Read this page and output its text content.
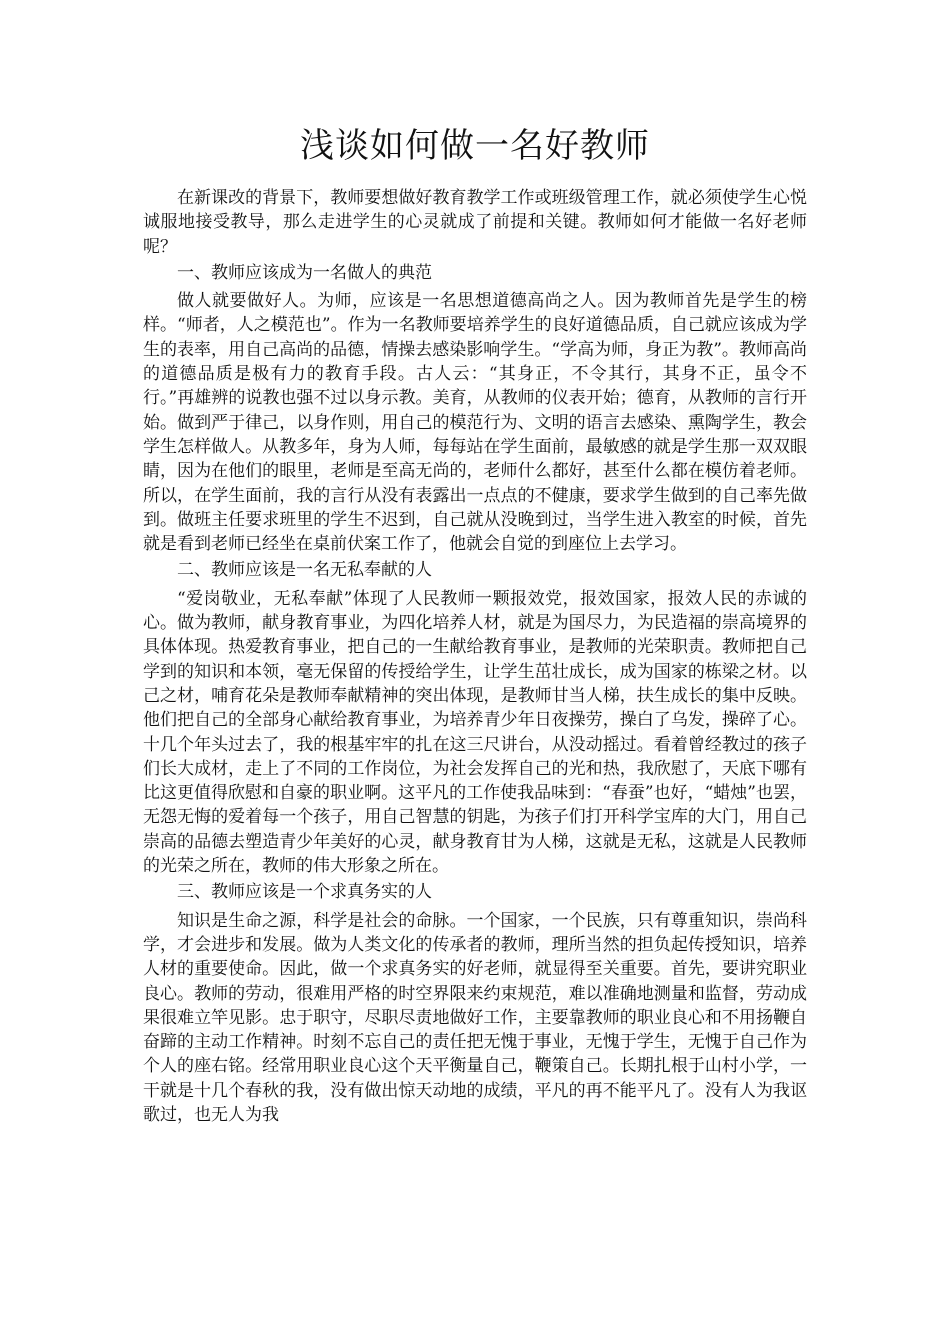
浅谈如何做一名好教师

在新课改的背景下，教师要想做好教育教学工作或班级管理工作，就必须使学生心悦诚服地接受教导，那么走进学生的心灵就成了前提和关键。教师如何才能做一名好老师呢？

一、教师应该成为一名做人的典范

做人就要做好人。为师，应该是一名思想道德高尚之人。因为教师首先是学生的榜样。“师者，人之模范也”。作为一名教师要培养学生的良好道德品质，自己就应该成为学生的表率，用自己高尚的品德，情操去感染影响学生。“学高为师，身正为教”。教师高尚的道德品质是极有力的教育手段。古人云：“其身正，不令其行，其身不正，虽令不行。”再雄辨的说教也强不过以身示教。美育，从教师的仪表开始；德育，从教师的言行开始。做到严于律己，以身作则，用自己的模范行为、文明的语言去感染、熏陶学生，教会学生怎样做人。从教多年，身为人师，每每站在学生面前，最敏感的就是学生那一双双眼睛，因为在他们的眼里，老师是至高无尚的，老师什么都好，甚至什么都在模仿着老师。所以，在学生面前，我的言行从没有表露出一点点的不健康，要求学生做到的自己率先做到。做班主任要求班里的学生不迟到，自己就从没晚到过，当学生进入教室的时候，首先就是看到老师已经坐在桌前伏案工作了，他就会自觉的到座位上去学习。

二、教师应该是一名无私奉献的人

“爱岗敬业，无私奉献”体现了人民教师一颗报效党，报效国家，报效人民的赤诚的心。做为教师，献身教育事业，为四化培养人材，就是为国尽力，为民造福的崇高境界的具体体现。热爱教育事业，把自己的一生献给教育事业，是教师的光荣职责。教师把自己学到的知识和本领，毫无保留的传授给学生，让学生茁壮成长，成为国家的栋梁之材。以己之材，哺育花朵是教师奉献精神的突出体现，是教师甘当人梯，扶生成长的集中反映。他们把自己的全部身心献给教育事业，为培养青少年日夜操劳，操白了乌发，操碎了心。十几个年头过去了，我的根基牢牢的扎在这三尺讲台，从没动摇过。看着曾经教过的孩子们长大成材，走上了不同的工作岗位，为社会发挥自己的光和热，我欣慰了，天底下哪有比这更值得欣慰和自豪的职业啊。这平凡的工作使我品味到：“春蚕”也好，“蜡烛”也罢，无怨无悔的爱着每一个孩子，用自己智慧的钥匙，为孩子们打开科学宝库的大门，用自己崇高的品德去塑造青少年美好的心灵，献身教育甘为人梯，这就是无私，这就是人民教师的光荣之所在，教师的伟大形象之所在。

三、教师应该是一个求真务实的人

知识是生命之源，科学是社会的命脉。一个国家，一个民族，只有尊重知识，崇尚科学，才会进步和发展。做为人类文化的传承者的教师，理所当然的担负起传授知识，培养人材的重要使命。因此，做一个求真务实的好老师，就显得至关重要。首先，要讲究职业良心。教师的劳动，很难用严格的时空界限来约束规范，难以准确地测量和监督，劳动成果很难立竿见影。忠于职守，尽职尽责地做好工作，主要靠教师的职业良心和不用扬鞭自奋蹄的主动工作精神。时刻不忘自己的责任把无愧于事业，无愧于学生，无愧于自己作为个人的座右铭。经常用职业良心这个天平衡量自己，鞭策自己。长期扎根于山村小学，一干就是十几个春秋的我，没有做出惊天动地的成绩，平凡的再不能平凡了。没有人为我讴歌过，也无人为我
